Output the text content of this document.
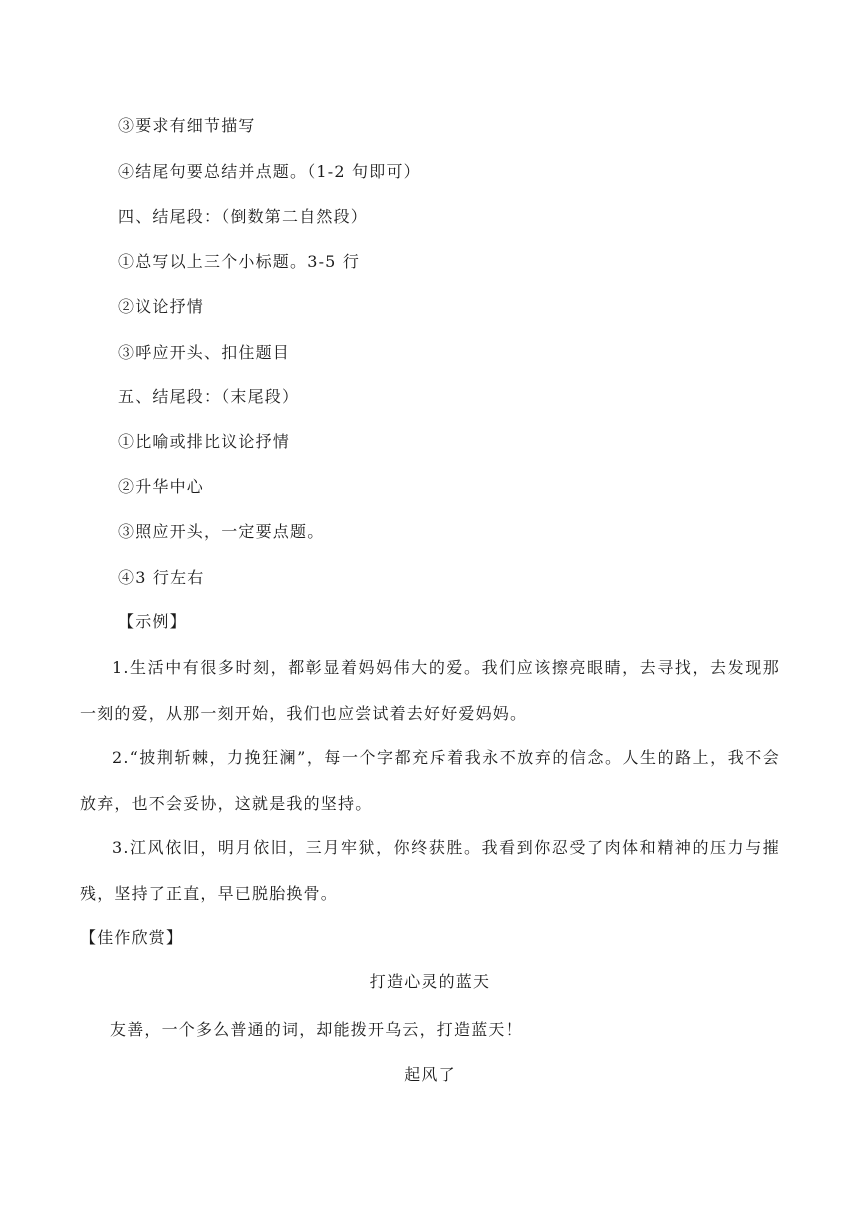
③要求有细节描写
④结尾句要总结并点题。（1-2 句即可）
四、结尾段：（倒数第二自然段）
①总写以上三个小标题。3-5 行
②议论抒情
③呼应开头、扣住题目
五、结尾段：（末尾段）
①比喻或排比议论抒情
②升华中心
③照应开头，一定要点题。
④3 行左右
【示例】
1.生活中有很多时刻，都彰显着妈妈伟大的爱。我们应该擦亮眼睛，去寻找，去发现那一刻的爱，从那一刻开始，我们也应尝试着去好好爱妈妈。
2.“披荆斩棘，力挽狂澜”，每一个字都充斥着我永不放弃的信念。人生的路上，我不会放弃，也不会妥协，这就是我的坚持。
3.江风依旧，明月依旧，三月牢狱，你终获胜。我看到你忍受了肉体和精神的压力与摧残，坚持了正直，早已脱胎换骨。
【佳作欣赏】
打造心灵的蓝天
友善，一个多么普通的词，却能拨开乌云，打造蓝天！
起风了
